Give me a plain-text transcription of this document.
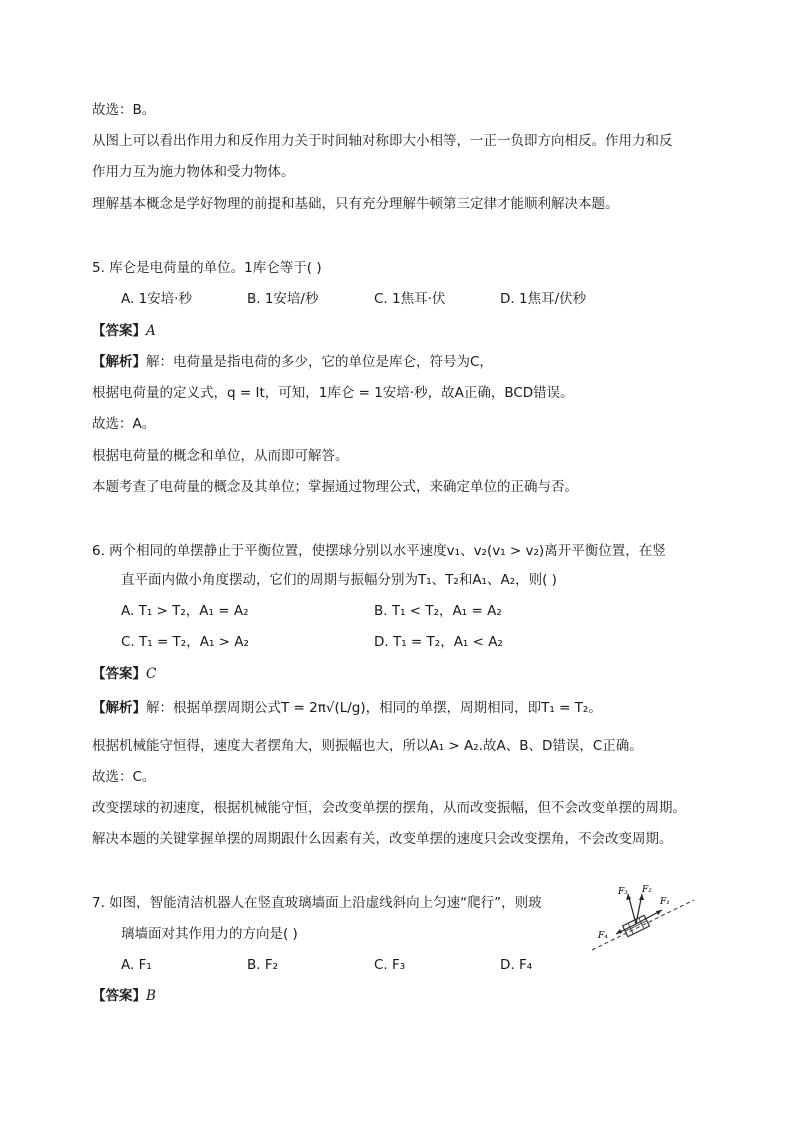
故选：B。
从图上可以看出作用力和反作用力关于时间轴对称即大小相等，一正一负即方向相反。作用力和反
作用力互为施力物体和受力物体。
理解基本概念是学好物理的前提和基础，只有充分理解牛顿第三定律才能顺利解决本题。
5. 库仑是电荷量的单位。1库仑等于( )
A. 1安培·秒	B. 1安培/秒	C. 1焦耳·伏	D. 1焦耳/伏秒
【答案】A
【解析】解：电荷量是指电荷的多少，它的单位是库仑，符号为C，
根据电荷量的定义式，q = It，可知，1库仑 = 1安培·秒，故A正确，BCD错误。
故选：A。
根据电荷量的概念和单位，从而即可解答。
本题考查了电荷量的概念及其单位；掌握通过物理公式，来确定单位的正确与否。
6. 两个相同的单摆静止于平衡位置，使摆球分别以水平速度v₁、v₂(v₁ > v₂)离开平衡位置，在竖
直平面内做小角度摆动，它们的周期与振幅分别为T₁、T₂和A₁、A₂，则( )
A. T₁ > T₂，A₁ = A₂	B. T₁ < T₂，A₁ = A₂
C. T₁ = T₂，A₁ > A₂	D. T₁ = T₂，A₁ < A₂
【答案】C
【解析】解：根据单摆周期公式T = 2π√(L/g)，相同的单摆，周期相同，即T₁ = T₂。
根据机械能守恒得，速度大者摆角大，则振幅也大，所以A₁ > A₂.故A、B、D错误，C正确。
故选：C。
改变摆球的初速度，根据机械能守恒，会改变单摆的摆角，从而改变振幅，但不会改变单摆的周期。
解决本题的关键掌握单摆的周期跟什么因素有关，改变单摆的速度只会改变摆角，不会改变周期。
7. 如图，智能清洁机器人在竖直玻璃墙面上沿虚线斜向上匀速“爬行”，则玻
璃墙面对其作用力的方向是( )
A. F₁	B. F₂	C. F₃	D. F₄
【答案】B
F₃ F₂
F₁
F₄
